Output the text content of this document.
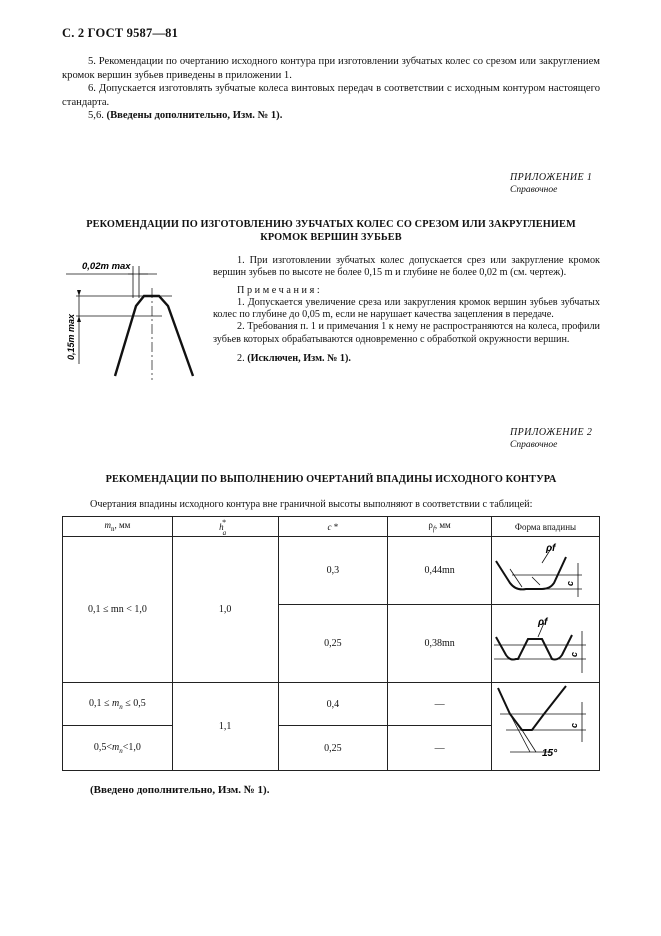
С. 2 ГОСТ 9587—81
5. Рекомендации по очертанию исходного контура при изготовлении зубчатых колес со срезом или закруглением кромок вершин зубьев приведены в приложении 1.
6. Допускается изготовлять зубчатые колеса винтовых передач в соответствии с исходным контуром настоящего стандарта.
5,6. (Введены дополнительно, Изм. № 1).
ПРИЛОЖЕНИЕ 1
Справочное
РЕКОМЕНДАЦИИ ПО ИЗГОТОВЛЕНИЮ ЗУБЧАТЫХ КОЛЕС СО СРЕЗОМ ИЛИ ЗАКРУГЛЕНИЕМ КРОМОК ВЕРШИН ЗУБЬЕВ
0,02m max
0,15m max

1. При изготовлении зубчатых колес допускается срез или закругление кромок вершин зубьев по высоте не более 0,15 m и глубине не более 0,02 m (см. чертеж).

Примечания:

1. Допускается увеличение среза или закругления кромок вершин зубьев зубчатых колес по глубине до 0,05 m, если не нарушает качества зацепления в передаче.

2. Требования п. 1 и примечания 1 к нему не распространяются на колеса, профили зубьев которых обрабатываются одновременно с обработкой окружности вершин.

2. (Исключен, Изм. № 1).

ПРИЛОЖЕНИЕ 2
Справочное
РЕКОМЕНДАЦИИ ПО ВЫПОЛНЕНИЮ ОЧЕРТАНИЙ ВПАДИНЫ ИСХОДНОГО КОНТУРА
Очертания впадины исходного контура вне граничной высоты выполняют в соответствии с таблицей:
$m_n$, мм	$h_a*$	c *	$\rho_f$, мм	Форма впадины
0,1 ≤ mn < 1,0	1,0	0,3	0,44mn	ρf
c

		0,25	0,38mn	ρf
c

$0,1 \le m_n \le 0,5$	1,1	0,4	—	c
15°

$0,5<m_n<1,0$		0,25	—	
(Введено дополнительно, Изм. № 1).
